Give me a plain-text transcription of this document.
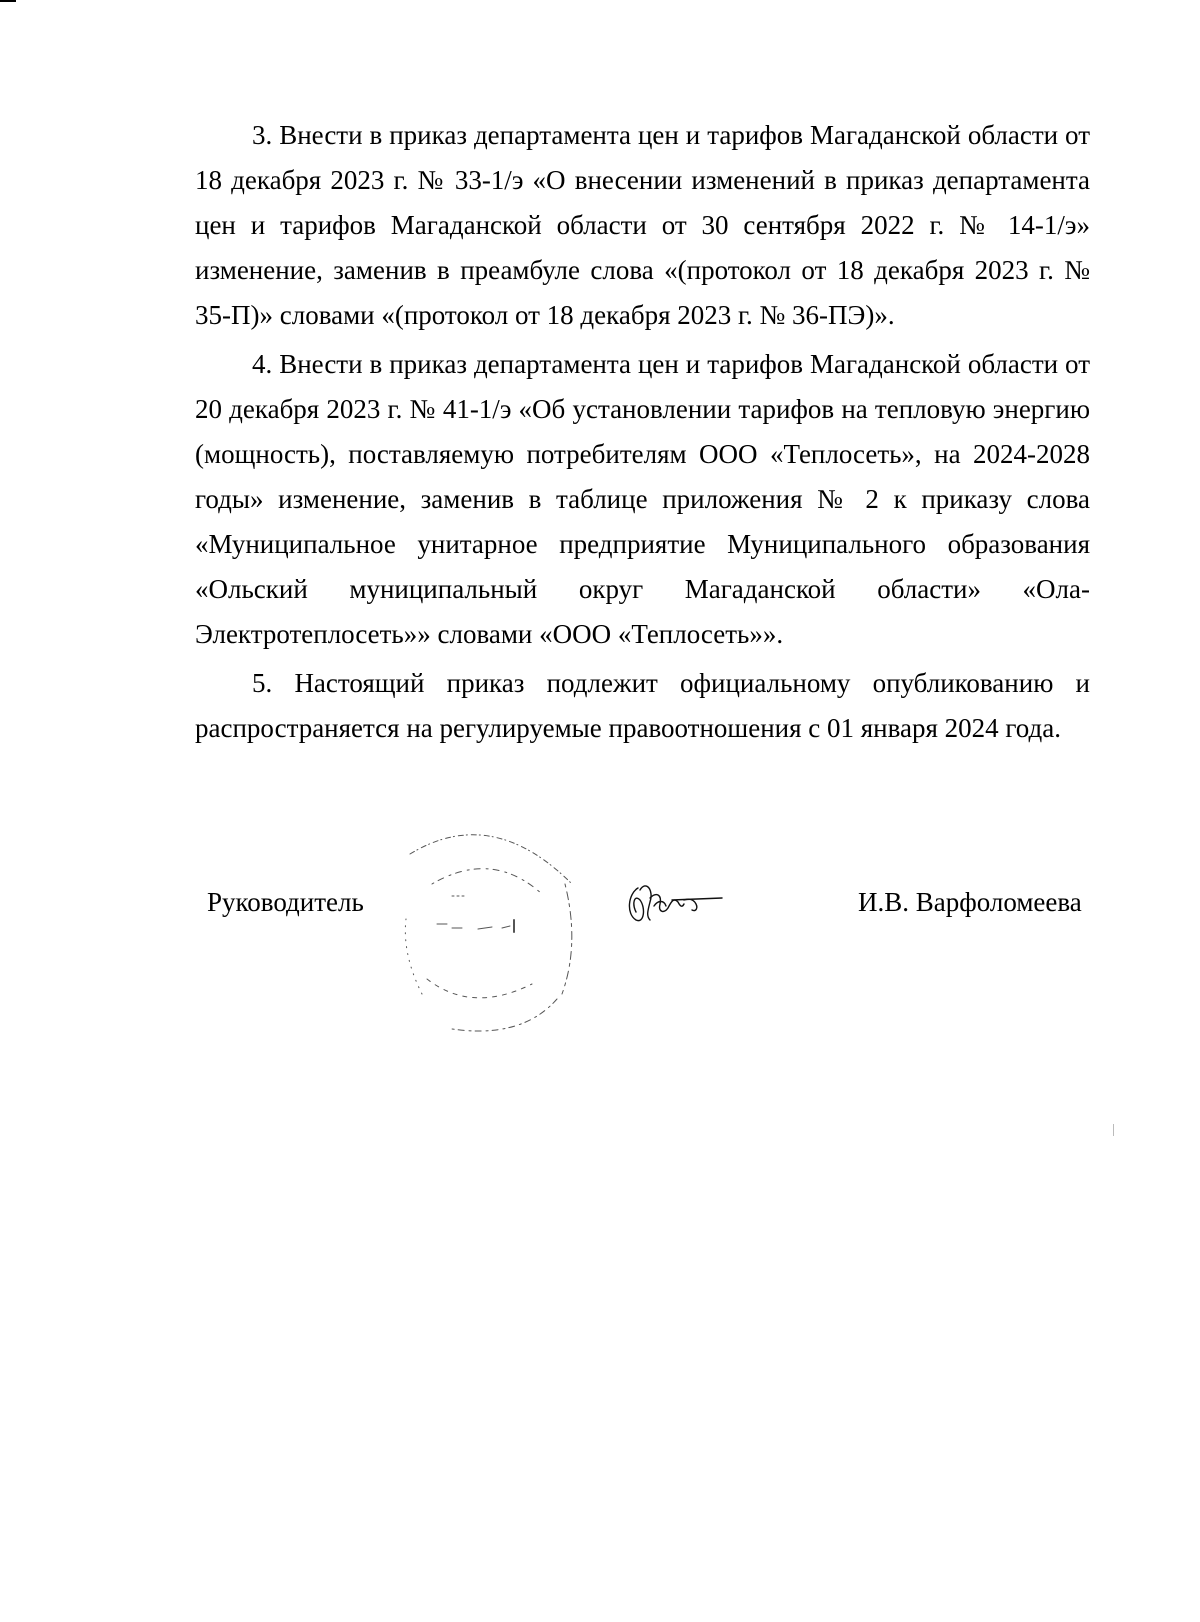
3. Внести в приказ департамента цен и тарифов Магаданской области от 18 декабря 2023 г. № 33-1/э «О внесении изменений в приказ департамента цен и тарифов Магаданской области от 30 сентября 2022 г. № 14-1/э» изменение, заменив в преамбуле слова «(протокол от 18 декабря 2023 г. № 35-П)» словами «(протокол от 18 декабря 2023 г. № 36-ПЭ)».

4. Внести в приказ департамента цен и тарифов Магаданской области от 20 декабря 2023 г. № 41-1/э «Об установлении тарифов на тепловую энергию (мощность), поставляемую потребителям ООО «Теплосеть», на 2024-2028 годы» изменение, заменив в таблице приложения № 2 к приказу слова «Муниципальное унитарное предприятие Муниципального образования «Ольский муниципальный округ Магаданской области» «Ола-Электротеплосеть»» словами «ООО «Теплосеть»».

5. Настоящий приказ подлежит официальному опубликованию и распространяется на регулируемые правоотношения с 01 января 2024 года.

Руководитель	И.В. Варфоломеева
